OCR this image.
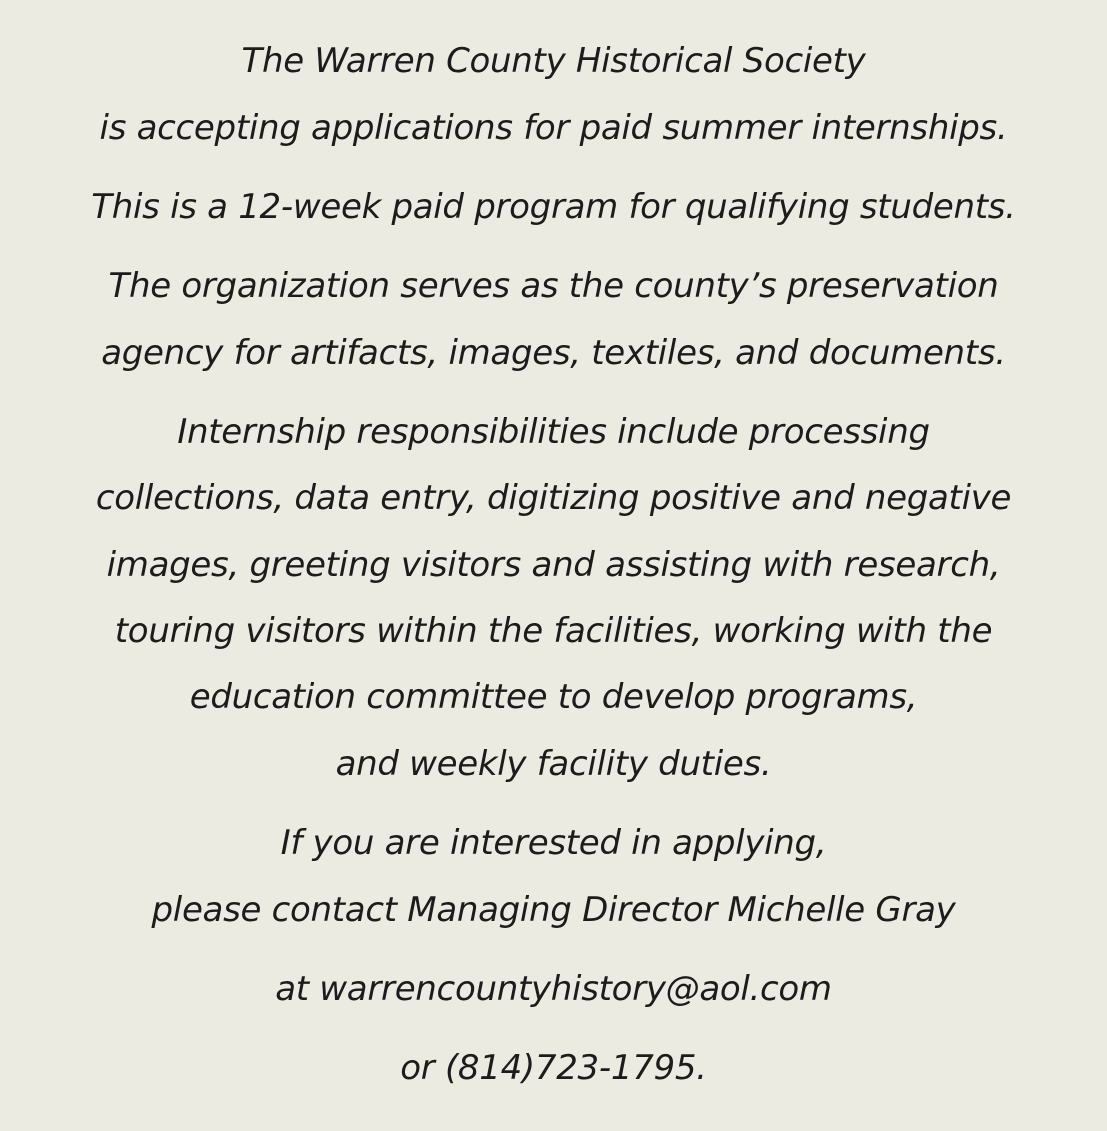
The Warren County Historical Society
is accepting applications for paid summer internships.
This is a 12-week paid program for qualifying students.
The organization serves as the county’s preservation
agency for artifacts, images, textiles, and documents.
Internship responsibilities include processing
collections, data entry, digitizing positive and negative
images, greeting visitors and assisting with research,
touring visitors within the facilities, working with the
education committee to develop programs,
and weekly facility duties.
If you are interested in applying,
please contact Managing Director Michelle Gray
at warrencountyhistory@aol.com
or (814)723-1795.
